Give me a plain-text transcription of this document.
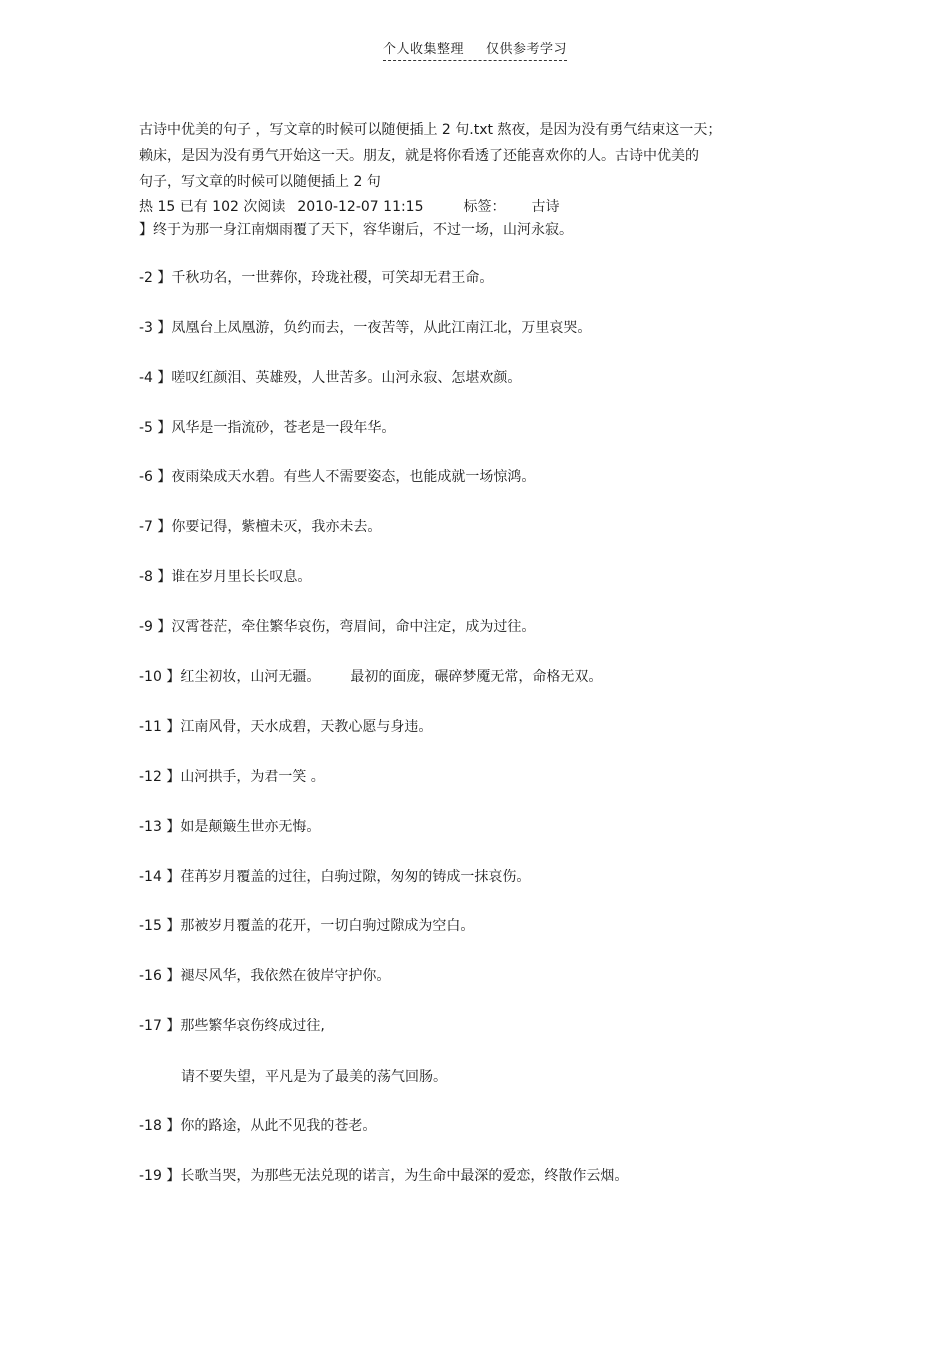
个人收集整理 仅供参考学习
古诗中优美的句子 ，写文章的时候可以随便插上 2 句.txt 熬夜，是因为没有勇气结束这一天；
赖床，是因为没有勇气开始这一天。朋友，就是将你看透了还能喜欢你的人。古诗中优美的
句子，写文章的时候可以随便插上 2 句
热 15 已有 102 次阅读 2010-12-07 11:15	标签： 古诗
】终于为那一身江南烟雨覆了天下，容华谢后，不过一场，山河永寂。
-2 】千秋功名，一世葬你，玲珑社稷，可笑却无君王命。
-3 】凤凰台上凤凰游，负约而去，一夜苦等，从此江南江北，万里哀哭。
-4 】嗟叹红颜泪、英雄殁，人世苦多。山河永寂、怎堪欢颜。
-5 】风华是一指流砂，苍老是一段年华。
-6 】夜雨染成天水碧。有些人不需要姿态，也能成就一场惊鸿。
-7 】你要记得，紫檀未灭，我亦未去。
-8 】谁在岁月里长长叹息。
-9 】汉霄苍茫，牵住繁华哀伤，弯眉间，命中注定，成为过往。
-10 】红尘初妆，山河无疆。 最初的面庞，碾碎梦魇无常，命格无双。
-11 】江南风骨，天水成碧，天教心愿与身违。
-12 】山河拱手，为君一笑 。
-13 】如是颠簸生世亦无悔。
-14 】荏苒岁月覆盖的过往，白驹过隙，匆匆的铸成一抹哀伤。
-15 】那被岁月覆盖的花开，一切白驹过隙成为空白。
-16 】褪尽风华，我依然在彼岸守护你。
-17 】那些繁华哀伤终成过往,
请不要失望，平凡是为了最美的荡气回肠。
-18 】你的路途，从此不见我的苍老。
-19 】长歌当哭，为那些无法兑现的诺言，为生命中最深的爱恋，终散作云烟。
